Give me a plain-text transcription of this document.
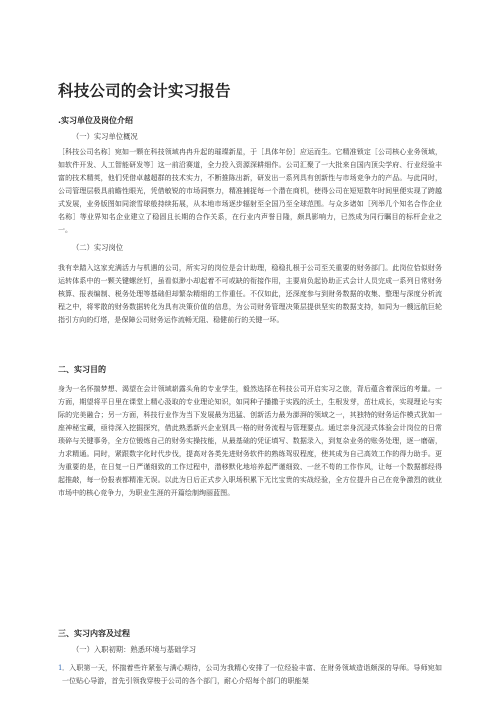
科技公司的会计实习报告

.实习单位及岗位介绍

（一）实习单位概况

［科技公司名称］宛如一颗在科技领域冉冉升起的璀璨新星，于［具体年份］应运而生。它精准锁定［公司核心业务领域，如软件开发、人工智能研发等］这一前沿赛道，全力投入资源深耕细作。公司汇聚了一大批来自国内顶尖学府、行业经验丰富的技术精英，他们凭借卓越超群的技术实力，不断推陈出新，研发出一系列具有创新性与市场竞争力的产品。与此同时，公司管理层极具前瞻性眼光，凭借敏锐的市场洞察力，精准捕捉每一个潜在商机，使得公司在短短数年时间里便实现了跨越式发展，业务版图如同滚雪球般持续拓展，从本地市场逐步辐射至全国乃至全球范围。与众多诸如［列举几个知名合作企业名称］等业界知名企业建立了稳固且长期的合作关系，在行业内声誉日隆，颇具影响力，已然成为同行瞩目的标杆企业之一。

（二）实习岗位

我有幸踏入这家充满活力与机遇的公司，所实习的岗位是会计助理，稳稳扎根于公司至关重要的财务部门。此岗位恰似财务运转体系中的一颗关键螺丝钉，虽看似渺小却起着不可或缺的衔接作用，主要肩负起协助正式会计人员完成一系列日常财务核算、报表编制、税务处理等基础但却繁杂精细的工作重任。不仅如此，还深度参与到财务数据的收集、整理与深度分析流程之中，将零散的财务数据转化为具有决策价值的信息，为公司财务管理决策层提供坚实的数据支持，如同为一艘远航巨轮指引方向的灯塔，是保障公司财务运作流畅无阻、稳健前行的关键一环。

二、实习目的

身为一名怀揣梦想、渴望在会计领域崭露头角的专业学生，毅然选择在科技公司开启实习之旅，背后蕴含着深远的考量。一方面，期望将平日里在课堂上精心汲取的专业理论知识，如同种子播撒于实践的沃土，生根发芽，茁壮成长，实现理论与实际的完美融合；另一方面，科技行业作为当下发展最为迅猛、创新活力最为澎湃的领域之一，其独特的财务运作模式犹如一座神秘宝藏，亟待深入挖掘探究，借此熟悉新兴企业别具一格的财务流程与管理要点。通过亲身沉浸式体验会计岗位的日常琐碎与关键事务，全方位锻炼自己的财务实操技能，从最基础的凭证填写、数据录入，到复杂业务的账务处理，逐一磨砺，力求精通。同时，紧跟数字化时代步伐，提高对各类先进财务软件的熟练驾驭程度，使其成为自己高效工作的得力助手。更为重要的是，在日复一日严谨细致的工作过程中，潜移默化地培养起严谨细致、一丝不苟的工作作风，让每一个数据都经得起推敲，每一份报表都精准无误。以此为日后正式步入职场积累下无比宝贵的实战经验，全方位提升自己在竞争激烈的就业市场中的核心竞争力，为职业生涯的开篇绘制绚丽蓝图。

三、实习内容及过程

（一）入职初期：熟悉环境与基础学习

1 ．入职第一天，怀揣着些许紧张与满心期待，公司为我精心安排了一位经验丰富、在财务领域造诣颇深的导师。导师宛如一位贴心导游，首先引领我穿梭于公司的各个部门，耐心介绍每个部门的职能架
